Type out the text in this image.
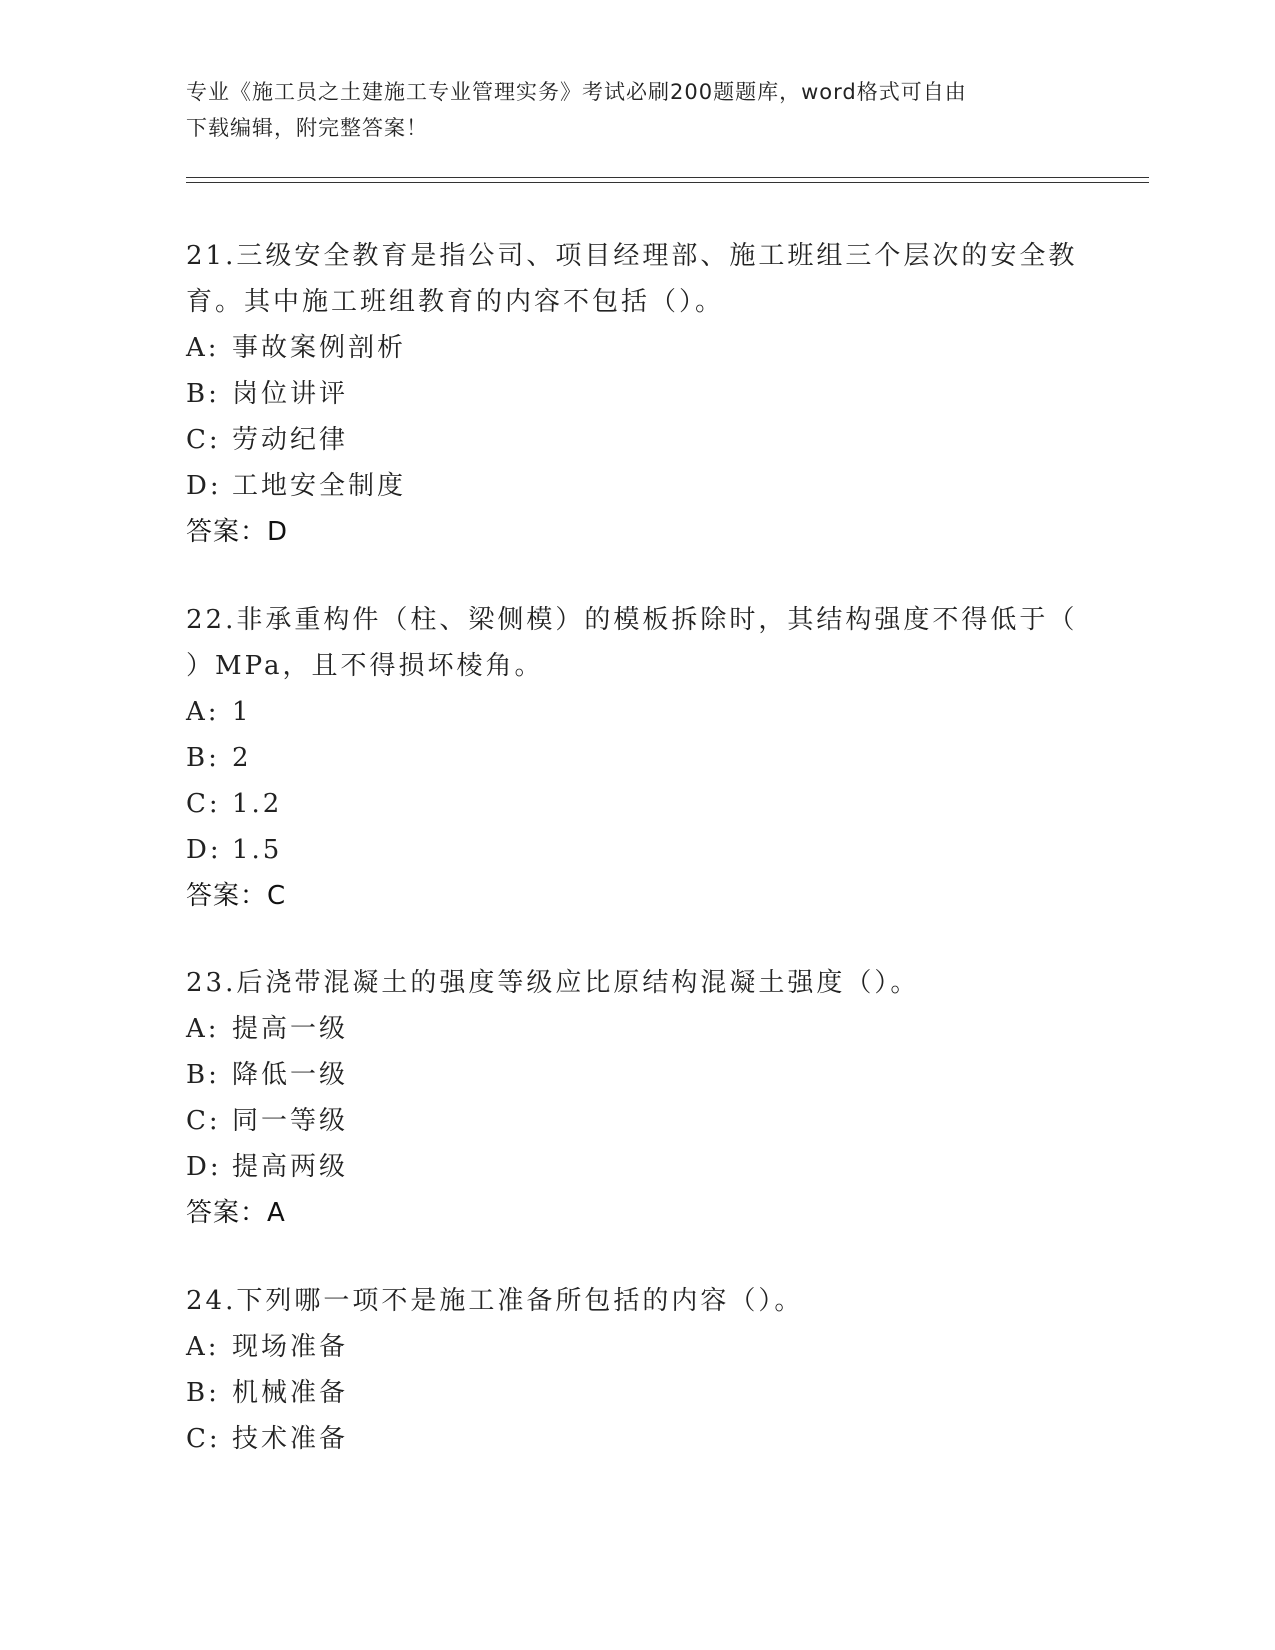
专业《施工员之土建施工专业管理实务》考试必刷200题题库，word格式可自由
下载编辑，附完整答案！
21.三级安全教育是指公司、项目经理部、施工班组三个层次的安全教
育。其中施工班组教育的内容不包括（）。
A: 事故案例剖析
B: 岗位讲评
C: 劳动纪律
D: 工地安全制度
答案：D
22.非承重构件（柱、梁侧模）的模板拆除时，其结构强度不得低于（
）MPa，且不得损坏棱角。
A: 1
B: 2
C: 1.2
D: 1.5
答案：C
23.后浇带混凝土的强度等级应比原结构混凝土强度（）。
A: 提高一级
B: 降低一级
C: 同一等级
D: 提高两级
答案：A
24.下列哪一项不是施工准备所包括的内容（）。
A: 现场准备
B: 机械准备
C: 技术准备
